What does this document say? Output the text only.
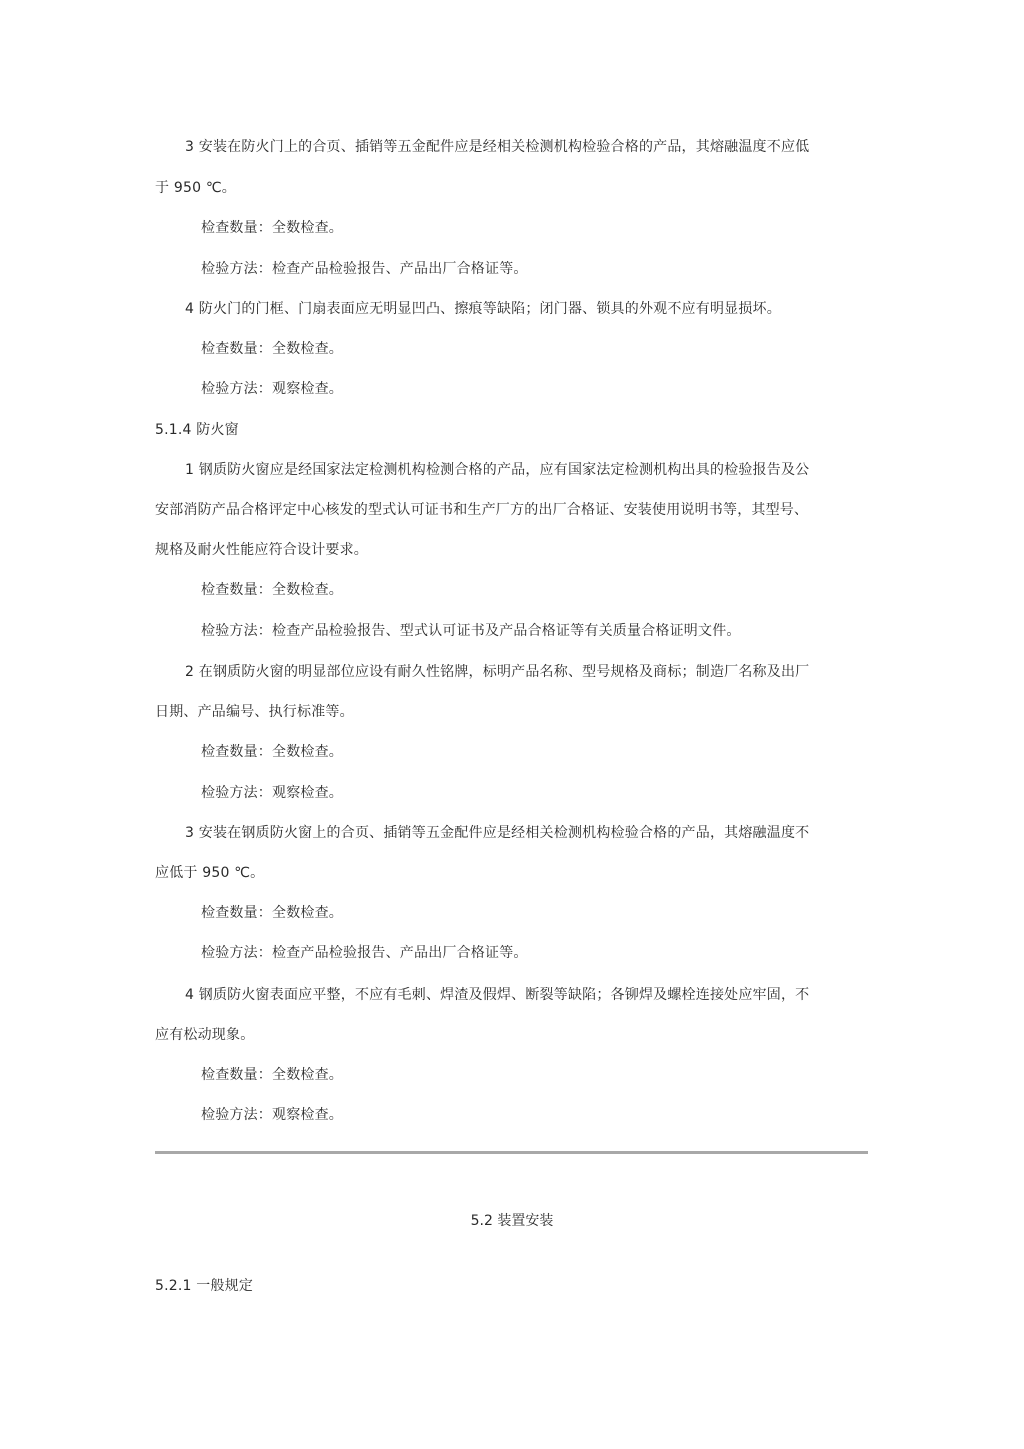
3 安装在防火门上的合页、插销等五金配件应是经相关检测机构检验合格的产品，其熔融温度不应低
于 950 ℃。
检查数量：全数检查。
检验方法：检查产品检验报告、产品出厂合格证等。
4 防火门的门框、门扇表面应无明显凹凸、擦痕等缺陷；闭门器、锁具的外观不应有明显损坏。
检查数量：全数检查。
检验方法：观察检查。
5.1.4 防火窗
1 钢质防火窗应是经国家法定检测机构检测合格的产品，应有国家法定检测机构出具的检验报告及公
安部消防产品合格评定中心核发的型式认可证书和生产厂方的出厂合格证、安装使用说明书等，其型号、
规格及耐火性能应符合设计要求。
检查数量：全数检查。
检验方法：检查产品检验报告、型式认可证书及产品合格证等有关质量合格证明文件。
2 在钢质防火窗的明显部位应设有耐久性铭牌，标明产品名称、型号规格及商标；制造厂名称及出厂
日期、产品编号、执行标准等。
检查数量：全数检查。
检验方法：观察检查。
3 安装在钢质防火窗上的合页、插销等五金配件应是经相关检测机构检验合格的产品，其熔融温度不
应低于 950 ℃。
检查数量：全数检查。
检验方法：检查产品检验报告、产品出厂合格证等。
4 钢质防火窗表面应平整，不应有毛刺、焊渣及假焊、断裂等缺陷；各铆焊及螺栓连接处应牢固，不
应有松动现象。
检查数量：全数检查。
检验方法：观察检查。
5.2 装置安装
5.2.1 一般规定
